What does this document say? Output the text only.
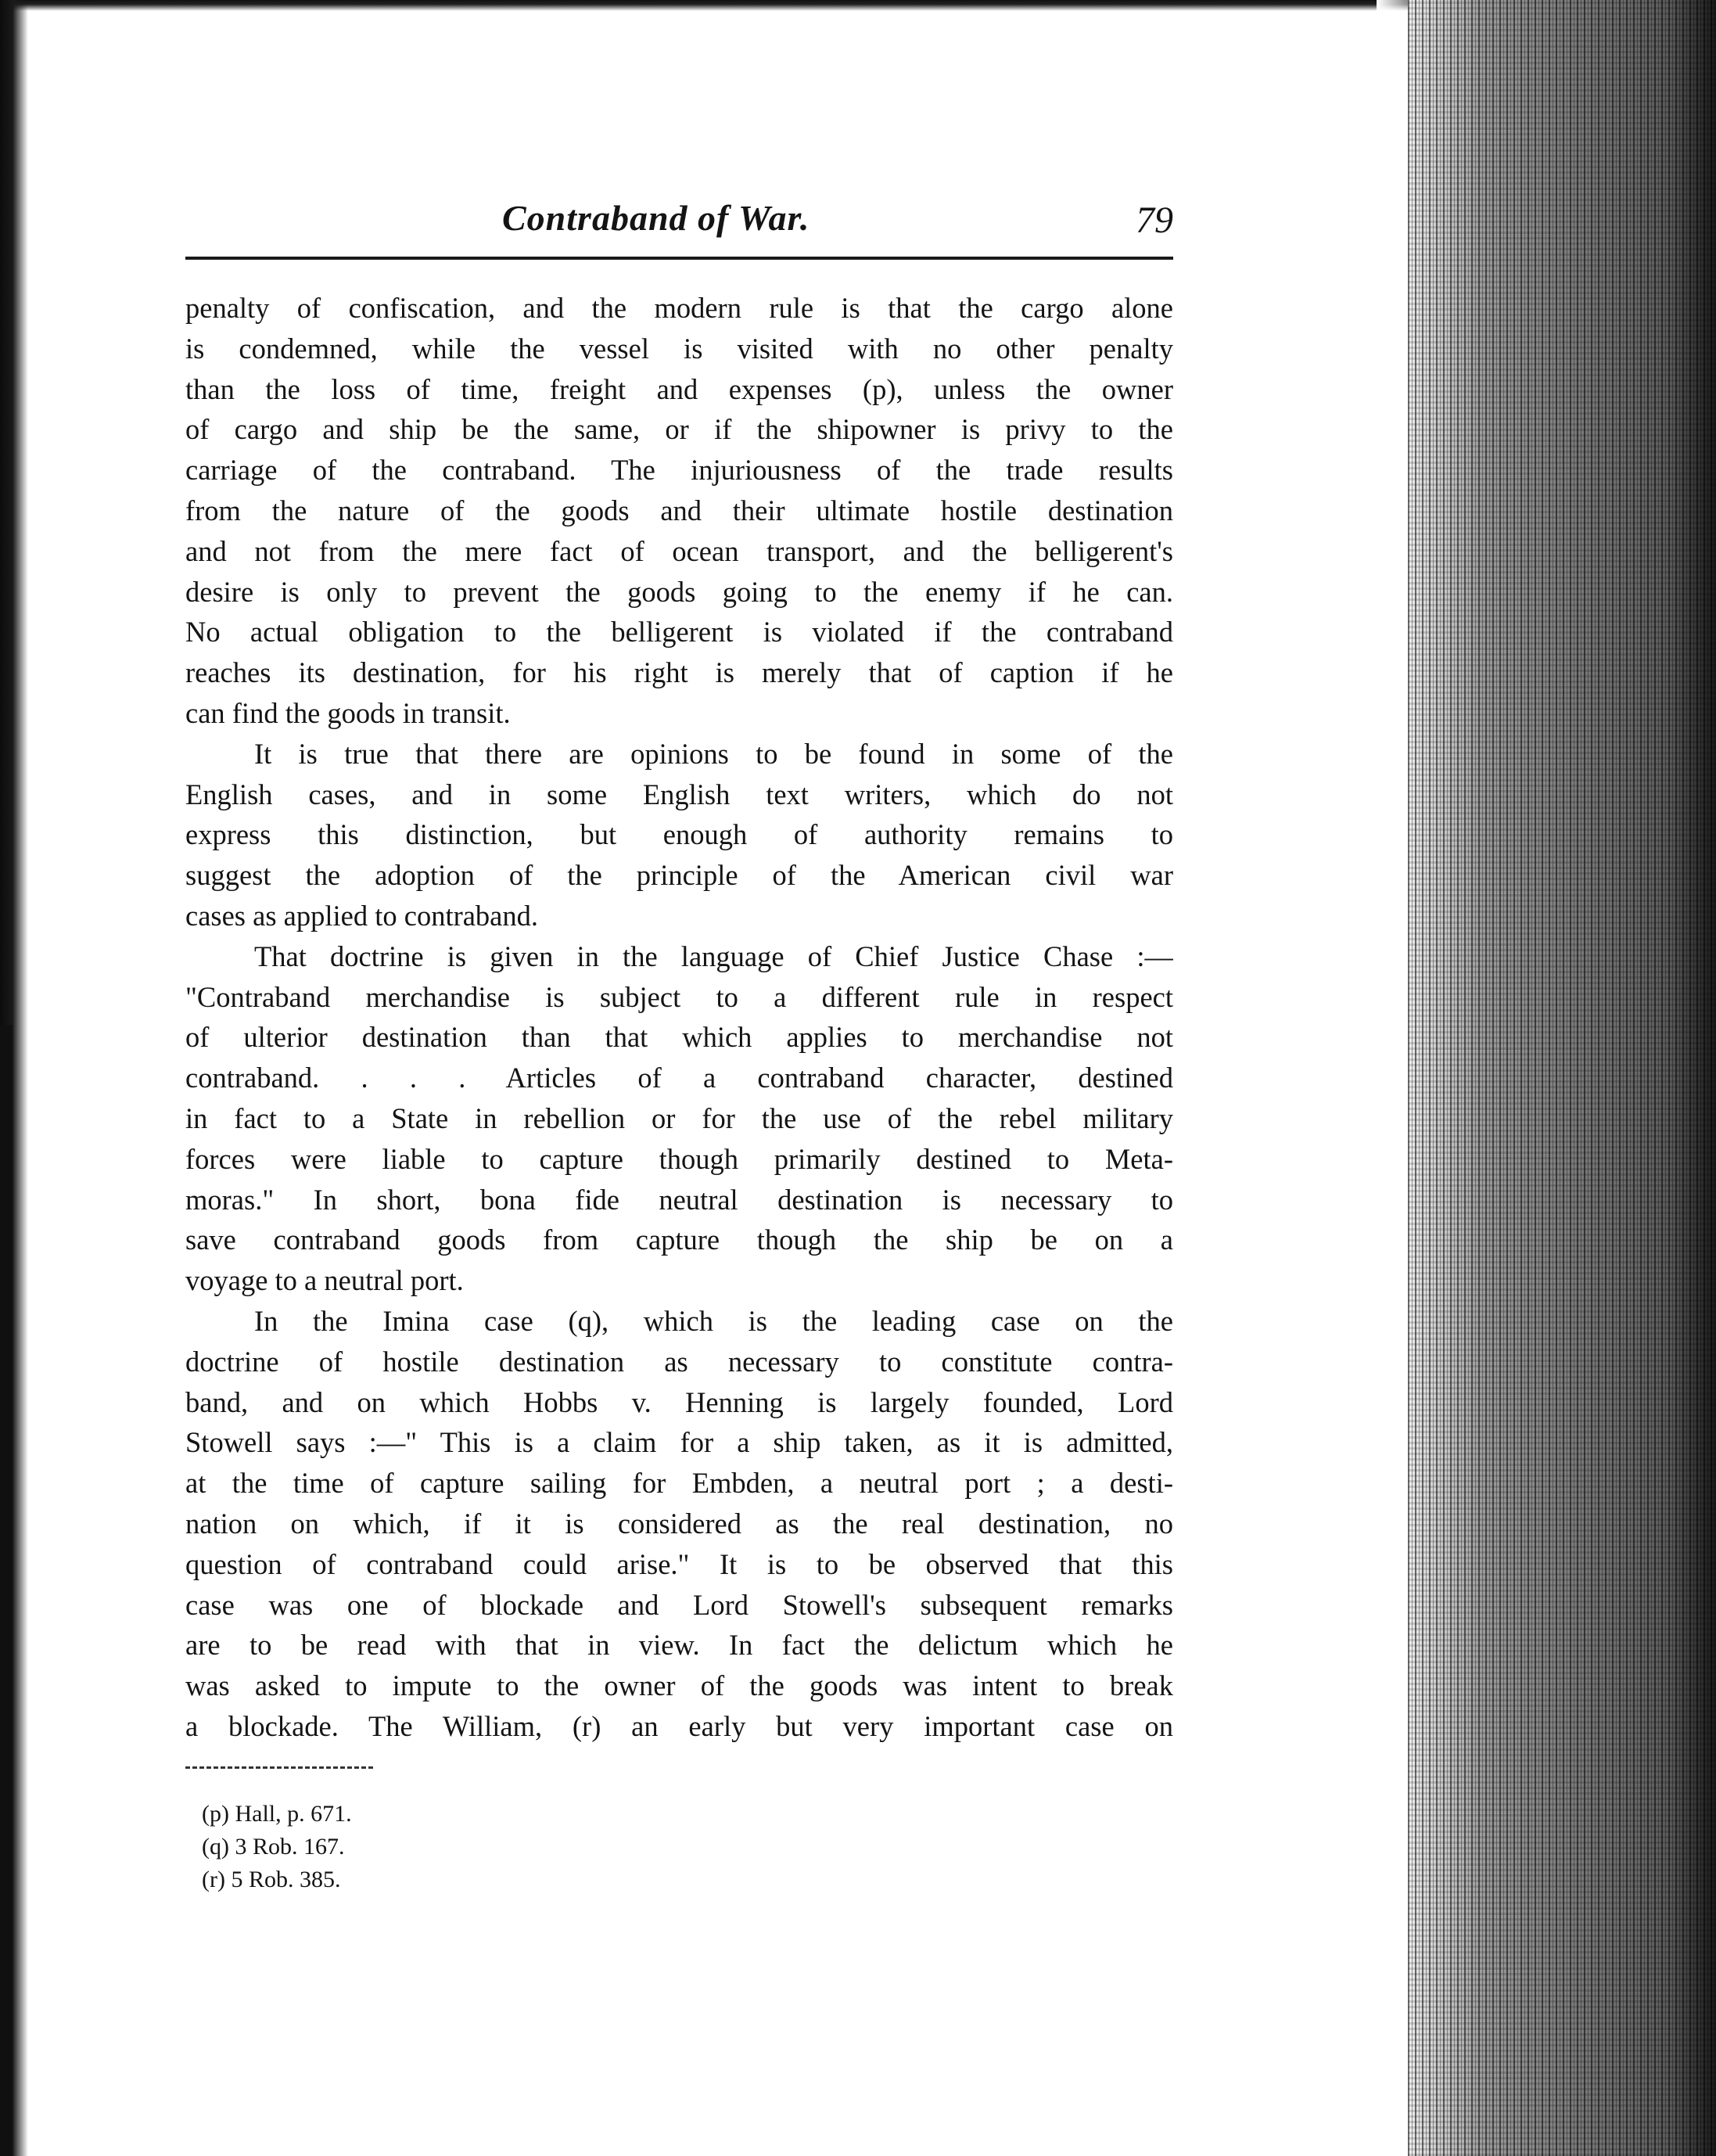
Contraband of War.	79
penalty of confiscation, and the modern rule is that the cargo alone
is condemned, while the vessel is visited with no other penalty
than the loss of time, freight and expenses (p), unless the owner
of cargo and ship be the same, or if the shipowner is privy to the
carriage of the contraband. The injuriousness of the trade results
from the nature of the goods and their ultimate hostile destination
and not from the mere fact of ocean transport, and the belligerent's
desire is only to prevent the goods going to the enemy if he can.
No actual obligation to the belligerent is violated if the contraband
reaches its destination, for his right is merely that of caption if he
can find the goods in transit.
It is true that there are opinions to be found in some of the
English cases, and in some English text writers, which do not
express this distinction, but enough of authority remains to
suggest the adoption of the principle of the American civil war
cases as applied to contraband.
That doctrine is given in the language of Chief Justice Chase :—
"Contraband merchandise is subject to a different rule in respect
of ulterior destination than that which applies to merchandise not
contraband. . . . Articles of a contraband character, destined
in fact to a State in rebellion or for the use of the rebel military
forces were liable to capture though primarily destined to Meta-
moras." In short, bona fide neutral destination is necessary to
save contraband goods from capture though the ship be on a
voyage to a neutral port.
In the Imina case (q), which is the leading case on the
doctrine of hostile destination as necessary to constitute contra-
band, and on which Hobbs v. Henning is largely founded, Lord
Stowell says :—" This is a claim for a ship taken, as it is admitted,
at the time of capture sailing for Embden, a neutral port ; a desti-
nation on which, if it is considered as the real destination, no
question of contraband could arise." It is to be observed that this
case was one of blockade and Lord Stowell's subsequent remarks
are to be read with that in view. In fact the delictum which he
was asked to impute to the owner of the goods was intent to break
a blockade. The William, (r) an early but very important case on
(p) Hall, p. 671.
(q) 3 Rob. 167.
(r) 5 Rob. 385.
